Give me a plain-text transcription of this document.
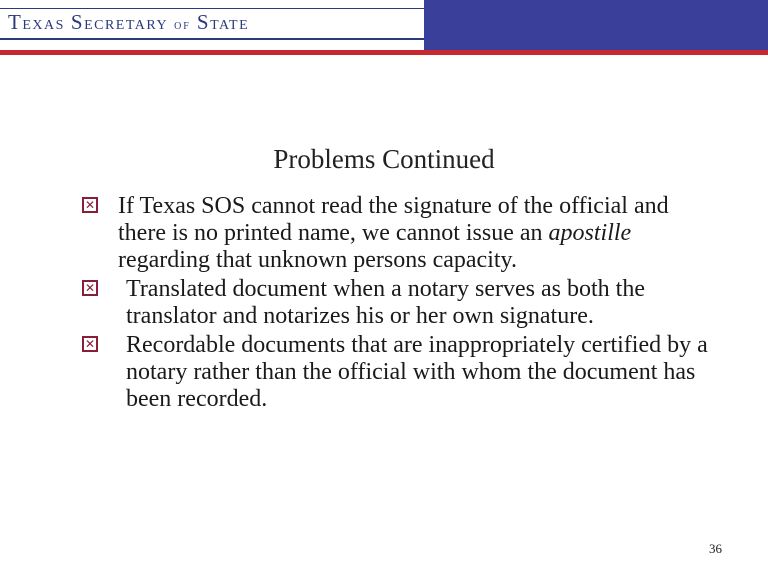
TEXAS SECRETARY OF STATE
Problems Continued
✕ If Texas SOS cannot read the signature of the official and there is no printed name, we cannot issue an apostille regarding that unknown persons capacity.
✕	Translated document when a notary serves as both the translator and notarizes his or her own signature.
✕	Recordable documents that are inappropriately certified by a notary rather than the official with whom the document has been recorded.
36
